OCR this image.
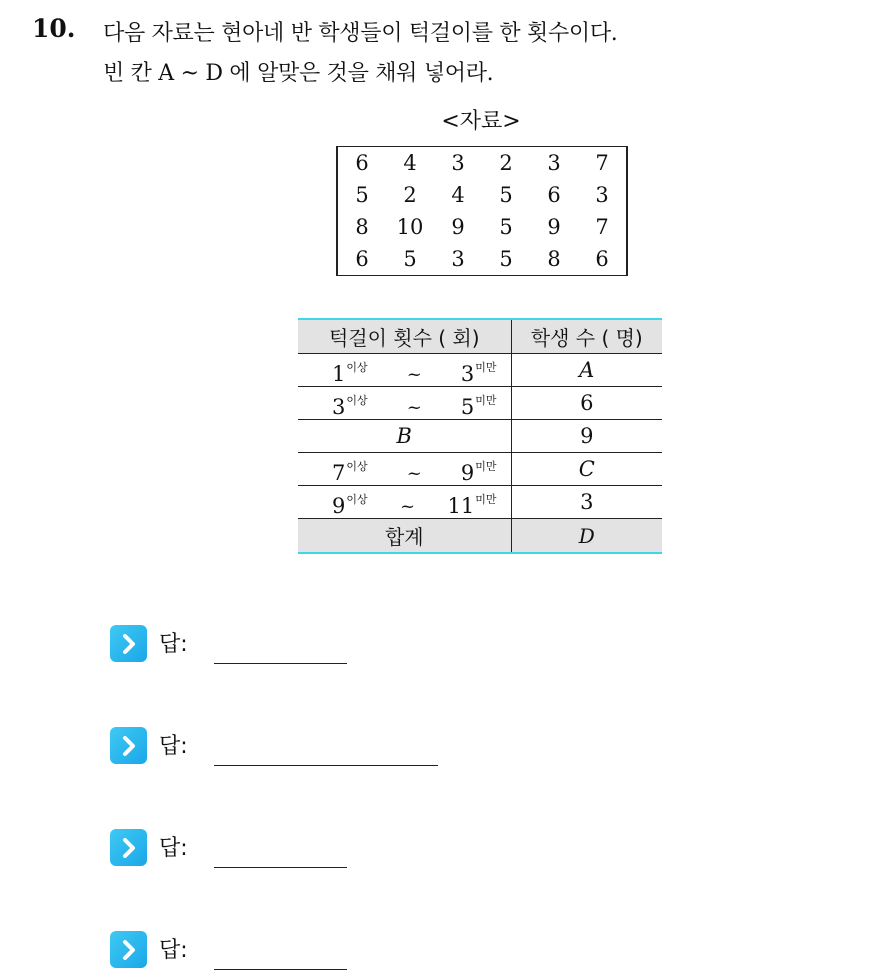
10. 다음 자료는 현아네 반 학생들이 턱걸이를 한 횟수이다.
빈 칸 A ~ D 에 알맞은 것을 채워 넣어라.
<자료>
6	4	3	2	3	7
5	2	4	5	6	3
8	10	9	5	9	7
6	5	3	5	8	6
턱걸이 횟수 ( 회)	학생 수 ( 명)

$1^{이상}$ ~ $3^{미만}$	A

$3^{이상}$ ~ $5^{미만}$	6
B	9

$7^{이상}$ ~ $9^{미만}$	C

$9^{이상}$ ~ $11^{미만}$	3
합계	D
답:
답:
답:
답:
